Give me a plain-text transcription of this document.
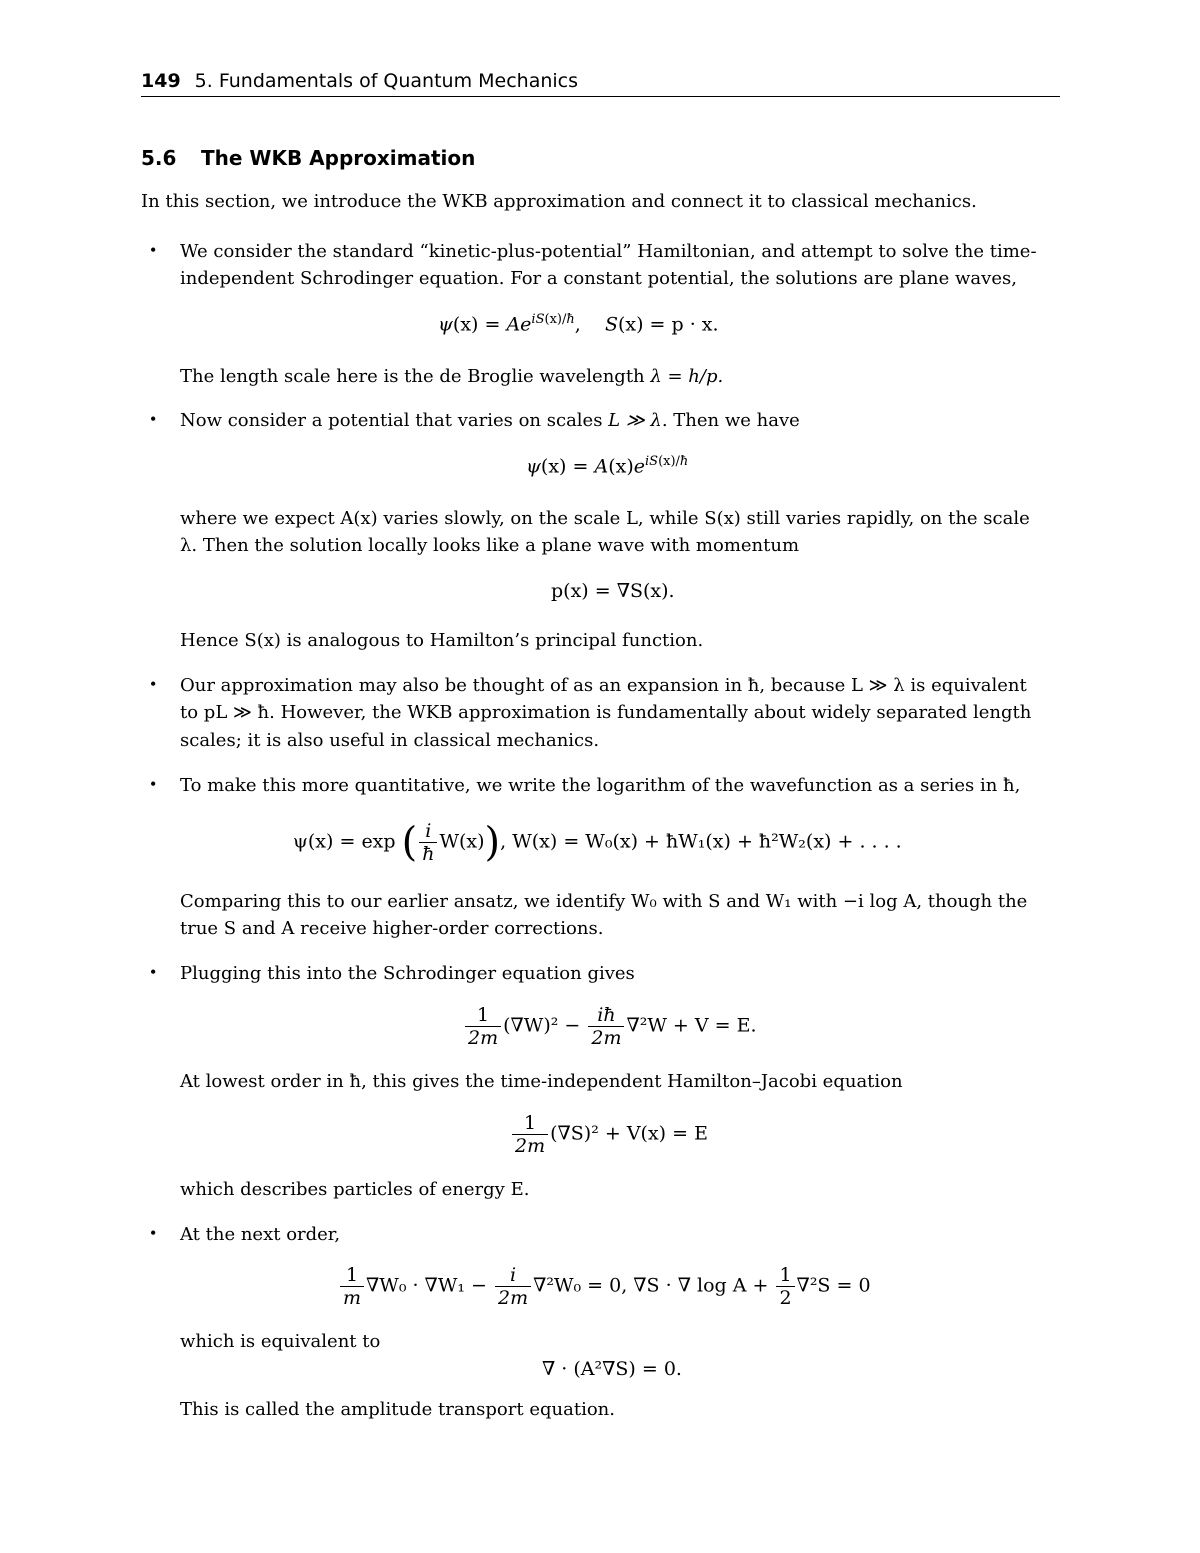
149 5. Fundamentals of Quantum Mechanics
5.6 The WKB Approximation
In this section, we introduce the WKB approximation and connect it to classical mechanics.
• We consider the standard “kinetic-plus-potential” Hamiltonian, and attempt to solve the time-
independent Schrodinger equation. For a constant potential, the solutions are plane waves,
$\psi(x) = Ae^{iS(x)/ħ}$,    S(x) = p · x.
The length scale here is the de Broglie wavelength λ = h/p.
• Now consider a potential that varies on scales L ≫ λ. Then we have
$\psi(x) = A(x)e^{iS(x)/ħ}$
where we expect A(x) varies slowly, on the scale L, while S(x) still varies rapidly, on the scale
λ. Then the solution locally looks like a plane wave with momentum
p(x) = ∇S(x).
Hence S(x) is analogous to Hamilton’s principal function.
• Our approximation may also be thought of as an expansion in ħ, because L ≫ λ is equivalent
to pL ≫ ħ. However, the WKB approximation is fundamentally about widely separated length
scales; it is also useful in classical mechanics.
• To make this more quantitative, we write the logarithm of the wavefunction as a series in ħ,
ψ(x) = exp ( $\frac{i}{ħ} W(x)$), W(x) = W₀(x) + ħW₁(x) + ħ²W₂(x) + . . . .
Comparing this to our earlier ansatz, we identify W₀ with S and W₁ with −i log A, though the
true S and A receive higher-order corrections.
• Plugging this into the Schrodinger equation gives
$\frac{1}{2m} (\nabla W)^2 - \frac{iħ}{2m} \nabla^2W + V = E$.
At lowest order in ħ, this gives the time-independent Hamilton–Jacobi equation
$\frac{1}{2m} (\nabla S)^2 + V(x) = E$
which describes particles of energy E.
• At the next order,
$\frac{1}{m} \nabla W_0 \cdot \nabla W_1 - \frac{i}{2m} \nabla^2W_0 = 0$, ∇S · ∇ $\log A + \frac{1}{2} \nabla^2S = 0$
which is equivalent to
∇ · (A²∇S) = 0.
This is called the amplitude transport equation.
